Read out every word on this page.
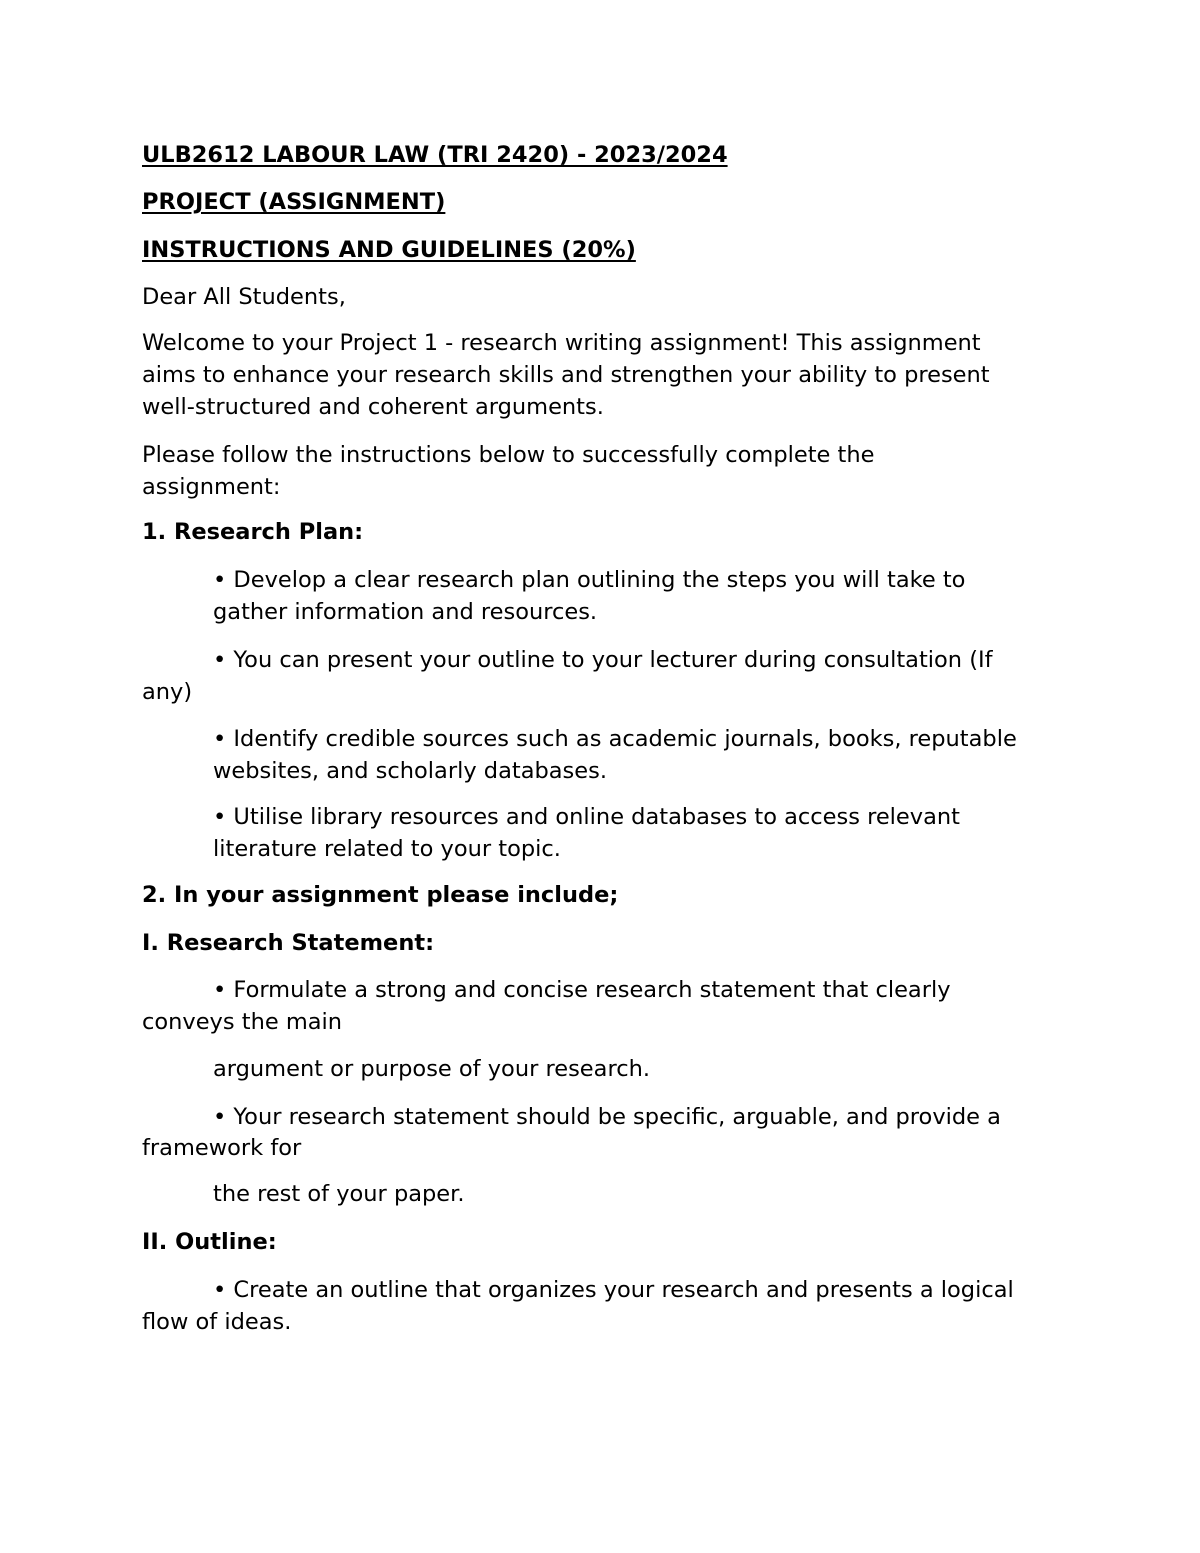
ULB2612 LABOUR LAW (TRI 2420) - 2023/2024

PROJECT (ASSIGNMENT)

INSTRUCTIONS AND GUIDELINES (20%)

Dear All Students,

Welcome to your Project 1 - research writing assignment! This assignment

aims to enhance your research skills and strengthen your ability to present

well-structured and coherent arguments.

Please follow the instructions below to successfully complete the

assignment:

1. Research Plan:

• Develop a clear research plan outlining the steps you will take to

gather information and resources.

• You can present your outline to your lecturer during consultation (If

any)

• Identify credible sources such as academic journals, books, reputable

websites, and scholarly databases.

• Utilise library resources and online databases to access relevant

literature related to your topic.

2. In your assignment please include;

I. Research Statement:

• Formulate a strong and concise research statement that clearly

conveys the main

argument or purpose of your research.

• Your research statement should be specific, arguable, and provide a

framework for

the rest of your paper.

II. Outline:

• Create an outline that organizes your research and presents a logical

flow of ideas.
